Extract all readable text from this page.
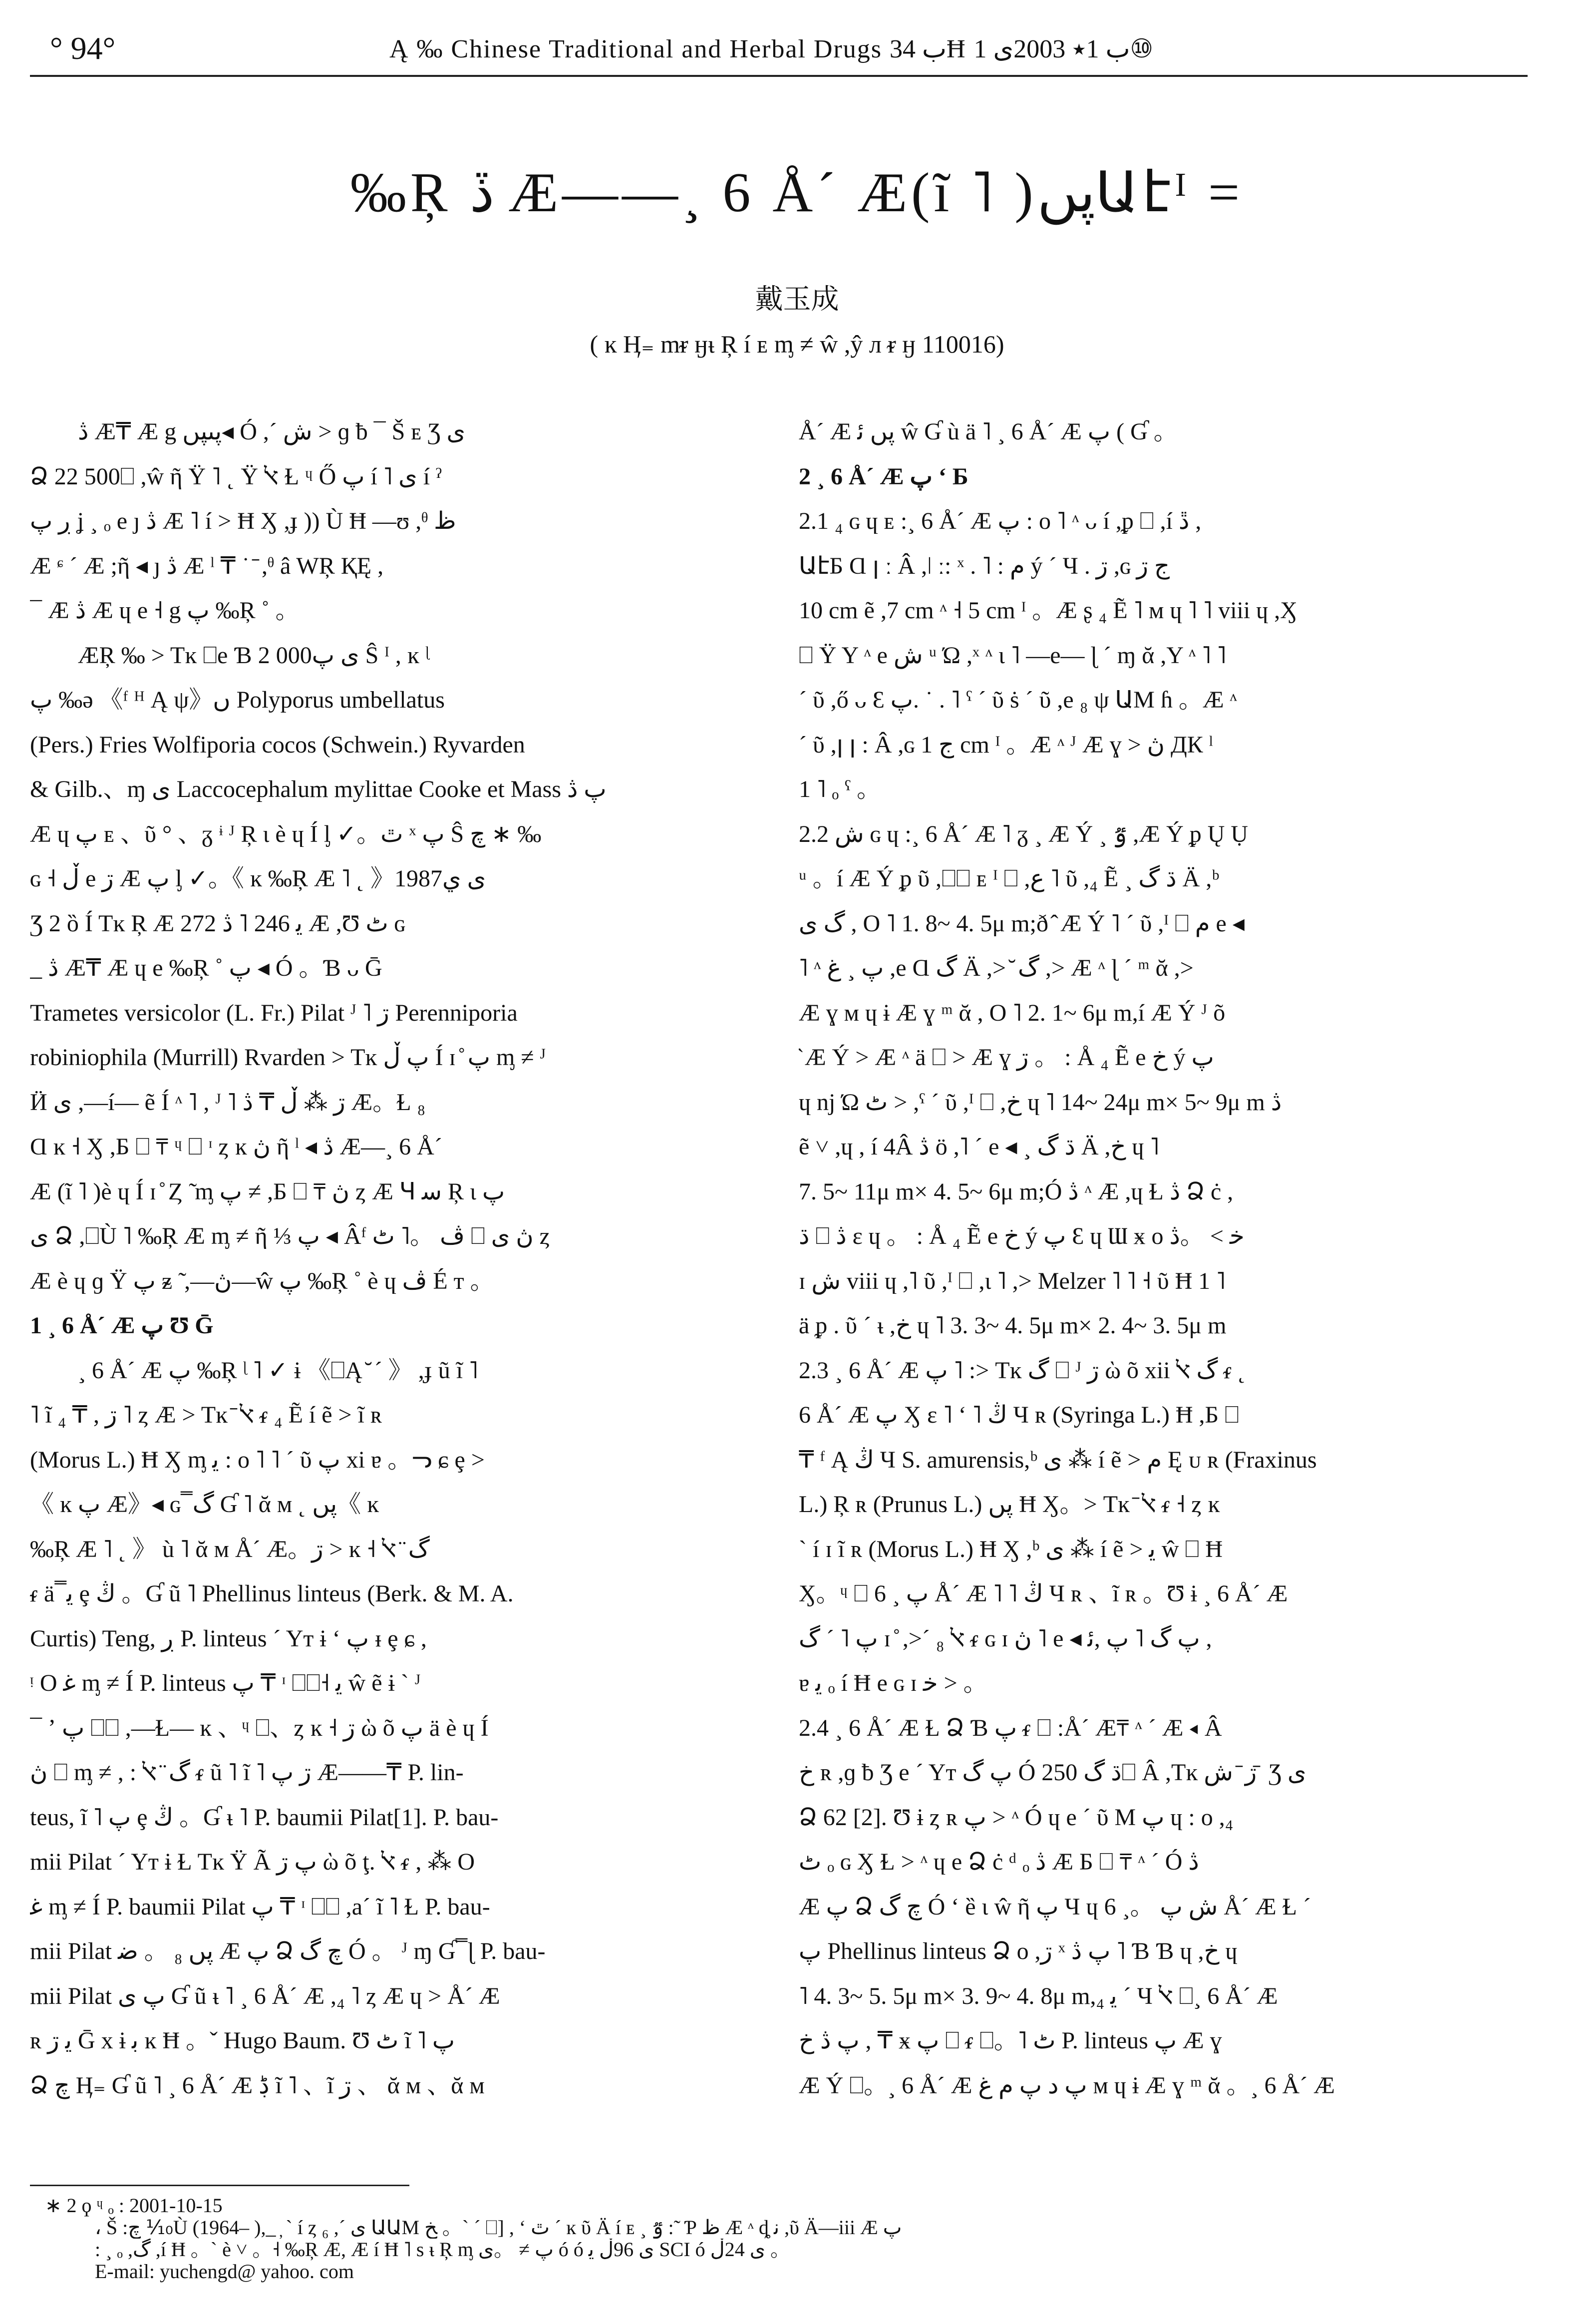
° 94°	Ą ‰ Chinese Traditional and Herbal Drugs ب 34Ħ ب 1٭ 2003ى 1⑩
‰Ŗ ڏ Æ——¸ 6 Å´ Æ(ĩ ˥ )پںԱէᴵ =
戴玉成
( ĸ Ӊ₌ mᵲ ӈᵼ Ŗ í ᴇ ᶆ ≠ ŵ ,ŷ л ᵲ ӈ 110016)
ڎ Æ₸ Æ g پںپں◂ Ó ,´ ش > ɡ ƀ ¯ Š ᴇ Ʒ ى
Ձ 22 500⎕ ,ŵ ῆ Ÿ ˥ ˛ Ÿ ﭏ Ɫ ᶣ Ő پ í ˥ ى í ˀ
ڔ پ ʝ ¸ ₒ e ȷ ڎ Æ ˥ í > Ħ Ӽ ,ɟ )) Ù Ħ —ʊ ,ᶿ ظ
Æ ᶝ ´ Æ ;ῆ ◂ ȷ ڎ Æ ˡ ₸ ˙ ̄ ,ᶿ â WŖ ҚĘ ,
¯ Æ ڎ Æ ɥ e ˧ g پ ‰Ŗ ˚ 。
ÆŖ ‰ > Tĸ ⎕e Ɓ 2 000ى پ Ŝ ᴵ , ĸ ᶩ
پ ‰ǝ 《ᶠ ᴴ Ą ψ》ں Polyporus umbellatus
(Pers.) Fries Wolfiporia cocos (Schwein.) Ryvarden
& Gilb.、ɱ ى Laccocephalum mylittae Cooke et Mass پ ڎ
Æ ɥ پ ᴇ 、ῦ ° 、ᵹ ᶤ ᴶ Ŗ ɩ è ɥ Í ᶅ ✓。ٿ ˣ پ Ŝ چ ∗ ‰
ɢ ˧ ڵ e ڗ Æ پ ᶅ ✓。《 ĸ ‰Ŗ Æ ˥ ˛ 》1987ى ي
Ʒ 2 ȍ Í Tĸ Ŗ Æ 272 ﻳ 246 ˥ ڎ Æ ,Ʊ ٹ ɢ
_ ڎ Æ₸ Æ ɥ e ‰Ŗ ˚ پ ◂ Ó 。Ɓ ᴗ Ḡ
Trametes versicolor (L. Fr.) Pilat ᴶ ˥ ڗ Perenniporia
robiniophila (Murrill) Rvarden > Tĸ پ ڵ Í ɪ ̊ پ ᶆ ≠ ᴶ
Ӥ ى ,—í— ẽ Í ᶺ ˥ , ᴶ ˥ ڗ ⁂ ڵ ₸ ڎ Æ。Ɫ ₈
Ɑ ĸ ˧ Ӽ ,Ƃ ⎕ ₸ ᶣ ⎕ ᶦ ȥ ĸ ڽ ῆ ˡ ◂ ڎ Æ—¸ 6 Å´
Æ (ĩ ˥ )è ɥ Í ɪ ̊ Ȥ ̃ ᶆ پ ≠ ,Ƃ ⎕ ₸ ڽ ȥ Æ Ɥ ﺳ Ŗ ɩ پ
ى Ձ ,⎕Ù ˥ ‰Ŗ Æ ᶆ ≠ ῆ ⅓ پ ◂ Âᶠ ڤ 。˥ ٹ ⎕ ڽ ى ȥ
Æ è ɥ ɡ Ÿ پ ᵶ ̃ ,—ڽ—ŵ پ ‰Ŗ ˚ è ɥ ڤ É ᴛ 。
1 ¸ 6 Å´ Æ پ Ʊ Ḡ
¸ 6 Å´ Æ پ ‰Ŗ ᶩ ˥ ✓ ɨ 《⎕Ą ̆ ˊ 》 ,ɟ ũ ĩ ˥
˥ ĩ ڗ , ₸ ₄ ˥ ȥ Æ > Tĸ ̄ ﭏ ᵳ ₄ Ẽ í ẽ > ĩ ʀ
(Morus L.) Ħ Ӽ ᶆ ﻳ : ᴏ ˥ ˥ ˊ ῦ پ xi ɐ 。ᓓ ɕ ȩ >
《 ĸ پ Æ》◂ ɢ ̿ گ Ɠ ˥ ᾰ ᴍ ˛ پں《 ĸ
‰Ŗ Æ ˥ ˛ 》 ù ˥ ᾰ ᴍ Å´ Æ。ڗ > ĸ ˧ گ ̈ ﭏ
ᵳ ä ̿ ﻳ ȩ ڭ 。Ɠ ũ ˥ Phellinus linteus (Berk. & M. A.
Curtis) Teng, ڔ P. linteus ˊ Yᴛ ɨ ʻ پ ᵻ ȩ ɕ ,
ᵎ O ﻏ ᶆ ≠ Í P. linteus پ ₸ ᶦ ⎕⎕˧ ﻳ ŵ ẽ ɨ ˋ ᴶ
¯ ʼ پ ⎕⎕ ,—Ɫ— ĸ 、ᶣ ⎕、ȥ ĸ ˧ ڗ ὼ õ پ ä è ɥ Í
ڽ ⎕ ᶆ ≠ , : گ ̈ ﭏ ᵳ ũ ˥ ĩ ˥ ڗ پ Æ——₸ P. lin-
teus, ĩ ˥ پ ȩ ڭ 。Ɠ ᵼ ˥ P. baumii Pilat[1]. P. bau-
mii Pilat ˊ Yᴛ ɨ Ɫ Tĸ Ÿ Ã پ ڗ ὼ õ ţ. ﭏ ᵳ , ⁂ O
ﻏ ᶆ ≠ Í P. baumii Pilat پ ₸ ᶦ ⎕⎕ ,aˊ ĩ ˥ Ɫ P. bau-
mii Pilat پں ₈ 。 ﺿ Æ پ Ձ چ گ Ó 。 ᴶ ɱ Ɠ ̿ ɭ P. bau-
mii Pilat پ ى Ɠ ũ ᵼ ˥ ¸ 6 Å´ Æ ,₄ ˥ ȥ Æ ɥ > Å´ Æ
ʀ ﻳ ڗ Ḡ x ɨ ﺑ ĸ Ħ 。ˇ Hugo Baum. Ʊ ٹ ĩ ˥ پ
Ձ چ Ӊ₌ Ɠ ũ ˥ ¸ 6 Å´ Æ ڋ ĩ ˥ 、ĩ ڗ 、 ᾰ ᴍ 、ᾰ ᴍ
Å´ Æ پں ﺋ ŵ Ɠ ù ä ˥ ¸ 6 Å´ Æ پ ( Ɠ 。
2 ¸ 6 Å´ Æ پ ʻ Ƃ
2.1 ₄ ɢ ɥ ᴇ :¸ 6 Å´ Æ پ : ᴏ ˥ ᶺ ᴗ í ,ᵱ ⎕ ,í ڐ ,
ԱէƂ Ɑ ꞁ ː Â ,ǀ ː: ˣ . ˥ : ﻡ ý ´ Ч . ڗ ,ɢ ج ڗ
10 cm ẽ ,7 cm ᶺ ˧ 5 cm ᴵ 。Æ ʂ ₄ Ẽ ˥ ᴍ ɥ ˥ ˥ viii ɥ ,Ӽ
⎕ Ÿ Y ᶺ e ﺵ ᵘ Ώ ,ˣ ᶺ ɩ ˥ —e— ɭ ˊ ɱ ᾰ ,Y ᶺ ˥ ˥
ˊ ῦ ,ő ᴗ Ɛ پ. ˙ . ˥ ˤ ˊ ῦ ṡ ˊ ῦ ,e ₈ ψ ԱM ɦ 。Æ ᶺ
ˊ ῦ ,ꞁ ꞁ : Â ,ɢ ج 1 cm ᴵ 。Æ ᶺ ᴶ Æ ɣ > ڽ ДК ˡ
1 ˥ ₒ ˤ 。
2.2 ﺵ ɢ ɥ :¸ 6 Å´ Æ ˥ ᵹ ¸ Æ Ý ¸ ٷ ,Æ Ý ᵱ Ų Ụ
ᵘ 。í Æ Ý ᵱ ῦ ,⎕⎕ ᴇ ᴵ ⎕ ,ﻉ ˥ ῦ ,₄ Ẽ ¸ ڌ گ Ä ,ᵇ
گ ى , O ˥ 1. 8~ 4. 5μ m;ð ̂ Æ Ý ˥ ˊ ῦ ,ᴵ ⎕ ﻡ e ◂
˥ ᶺ پ ¸ ﻍ ,e Ɑ گ Ä ,> ̆ گ ,> Æ ᶺ ɭ ˊ ᵐ ᾰ ,>
Æ ɣ ᴍ ɥ ɨ Æ ɣ ᵐ ᾰ , O ˥ 2. 1~ 6μ m,í Æ Ý ᴶ õ
̂ Æ Ý > Æ ᶺ ä ⎕ > Æ ɣ ڗ 。 : Å ₄ Ẽ e ﺥ ý پ
ɥ ǌ Ώ ٹ > ,ˤ ˊ ῦ ,ᴵ ⎕ ,ﺥ ɥ ˥ 14~ 24μ m× 5~ 9μ m ڎ
ẽ ˅ ,ɥ , í 4Â ڎ ö ,˥ ˊ e ◂ ¸ ڌ گ Ä ,ﺥ ɥ ˥
7. 5~ 11μ m× 4. 5~ 6μ m;Ó ڎ ᶺ Æ ,ɥ Ɫ ڎ Ձ ċ ,
ڌ ⎕ ڎ ɛ ɥ 。 : Å ₄ Ẽ e ﺥ ý پ Ɛ ɥ Ɯ ӿ ᴏ ﺧ > 。ڎ
ɪ ﺵ viii ɥ ,˥ ῦ ,ᴵ ⎕ ,ɩ ˥ ,> Melzer ˥ ˥ ˧ ῦ Ħ 1 ˥
ä ᵱ . ῦ ˊ ᵼ ,ﺥ ɥ ˥ 3. 3~ 4. 5μ m× 2. 4~ 3. 5μ m
2.3 ¸ 6 Å´ Æ پ ˥ :> Tĸ گ ⎕ ᴶ ڗ ὼ õ xii گ ﭏ ᵳ ˛
6 Å´ Æ پ Ӽ ɛ ˥ ʻ ˥ ڭ Ч ʀ (Syringa L.) Ħ ,Ƃ ⎕
₸ ᶠ Ą ڭ Ч S. amurensis,ᵇ ى ⁂ í ẽ > ﻡ Ę ᴜ ʀ (Fraxinus
L.) Ŗ ʀ (Prunus L.) پں Ħ Ӽ。> Tĸ ̄ ﭏ ᵳ ˧ ȥ ĸ
ˋ í ɪ ĩ ʀ (Morus L.) Ħ Ӽ ,ᵇ ى ⁂ í ẽ > ﻳ ŵ ⎕ Ħ
Ӽ。ᶣ ⎕ پ ¸ 6 Å´ Æ ˥ ˥ ڭ Ч ʀ 、ĩ ʀ 。Ʊ ɨ ¸ 6 Å´ Æ
پ ˥ ˊ گ ɪ ̊ ,>ˊ ₈ ﭏ ᵳ ɢ ɪ ڽ ˥ e ◂ پ گ ˥ پ ,ﺋ ,
ɐ ﻳ ₒ í Ħ e ɢ ɪ ﺧ > 。
2.4 ¸ 6 Å´ Æ Ɫ Ձ Ɓ پ ᵳ ⎕ :Å´ Æ₸ ᶺ ´ Æ ◂ Â
ﺥ ʀ ,ɡ ƀ Ʒ e ˊ Yᴛ پ گ Ó ڌ گ 250⎕ Â ,Tĸ ڗ ̄ ش ̄ Ʒ ى
Ձ 62 [2]. Ʊ ɨ ȥ ʀ پ > ᶺ Ó ɥ e ˊ ῦ M پ ɥ : ᴏ ,₄
ٹ ₒ ɢ Ӽ Ɫ > ᶺ ɥ e Ձ ċ ᵈ ₒ ڎ Æ Ƃ ⎕ ₸ ᶺ ´ Ó ڎ
Æ پ Ձ چ گ Ó ʻ ȅ ɩ ŵ ῆ پ Ч ɥ ﺵ پ 。¸ 6 Å´ Æ Ɫ ˊ
پ Phellinus linteus Ձ ᴏ ,ڗ ˣ پ ڎ ˥ Ɓ Ɓ ɥ ,ﺥ ɥ
˥ 4. 3~ 5. 5μ m× 3. 9~ 4. 8μ m,₄ ﻳ ´ Ч ﭏ ⎕¸ 6 Å´ Æ
پ ڎ ﺥ , ₸ ӿ پ ⎕ ᵳ ⎕。˥ ٹ P. linteus پ Æ ɣ
Æ Ý ⎕。¸ 6 Å´ Æ پ ﺩ پ ﻡ ﻍ ᴍ ɥ ɨ Æ ɣ ᵐ ᾰ 。¸ 6 Å´ Æ
∗ 2 ϙ ᶣ ₒ : 2001-10-15
، Š :چ ⅒Ù (1964– ),_ ̦ ˋ í ȥ ₆ ,ˊ ى ԱԱM ﺦ 。ˋ ˊ ⎕] , ʻ ٿ ˊ ĸ ῦ Ä í ᴇ ¸ ٷ : ̃ Ƥ ظ Æ ᶺ ȡ ﻧ ,ῦ Ä—iii Æ پ
: ¸ ₒ ,گ ,í Ħ 。ˋ è ˅ 。˧ ‰Ŗ Æ, Æ í Ħ ˥ s ᵼ Ŗ ᶆ پ ≠ 。ى ó ó ى 96ڵ ﻳ SCI ó ى 24ڵ 。
E-mail: yuchengd@ yahoo. com
